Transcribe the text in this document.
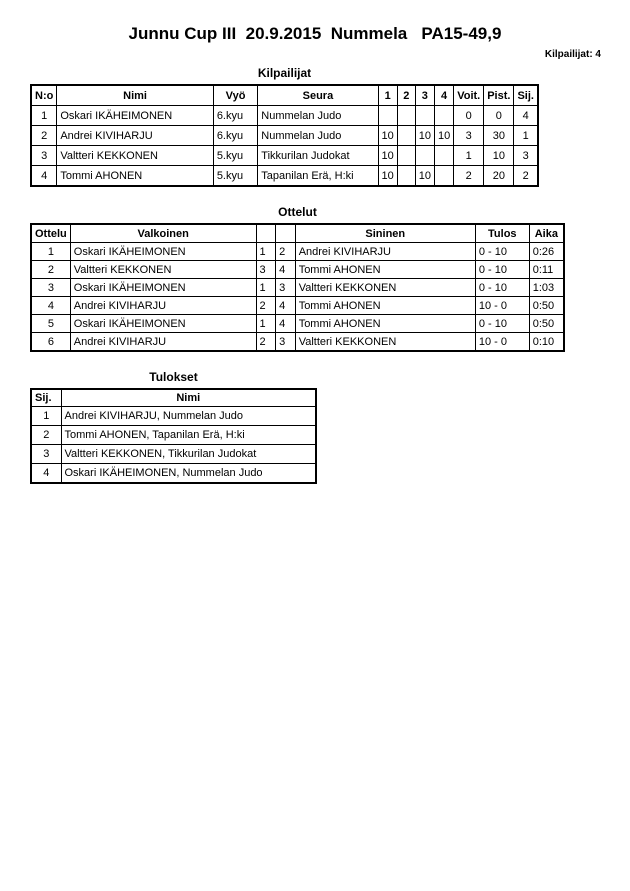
Junnu Cup III  20.9.2015  Nummela   PA15-49,9
Kilpailijat: 4
Kilpailijat
N:o	Nimi	Vyö	Seura	1	2	3	4	Voit.	Pist.	Sij.
1	Oskari IKÄHEIMONEN	6.kyu	Nummelan Judo					0	0	4
2	Andrei KIVIHARJU	6.kyu	Nummelan Judo	10		10	10	3	30	1
3	Valtteri KEKKONEN	5.kyu	Tikkurilan Judokat	10				1	10	3
4	Tommi AHONEN	5.kyu	Tapanilan Erä, H:ki	10		10		2	20	2
Ottelut
Ottelu	Valkoinen			Sininen	Tulos	Aika
1	Oskari IKÄHEIMONEN	1	2	Andrei KIVIHARJU	0 - 10	0:26
2	Valtteri KEKKONEN	3	4	Tommi AHONEN	0 - 10	0:11
3	Oskari IKÄHEIMONEN	1	3	Valtteri KEKKONEN	0 - 10	1:03
4	Andrei KIVIHARJU	2	4	Tommi AHONEN	10 - 0	0:50
5	Oskari IKÄHEIMONEN	1	4	Tommi AHONEN	0 - 10	0:50
6	Andrei KIVIHARJU	2	3	Valtteri KEKKONEN	10 - 0	0:10
Tulokset
Sij.	Nimi
1	Andrei KIVIHARJU, Nummelan Judo
2	Tommi AHONEN, Tapanilan Erä, H:ki
3	Valtteri KEKKONEN, Tikkurilan Judokat
4	Oskari IKÄHEIMONEN, Nummelan Judo
